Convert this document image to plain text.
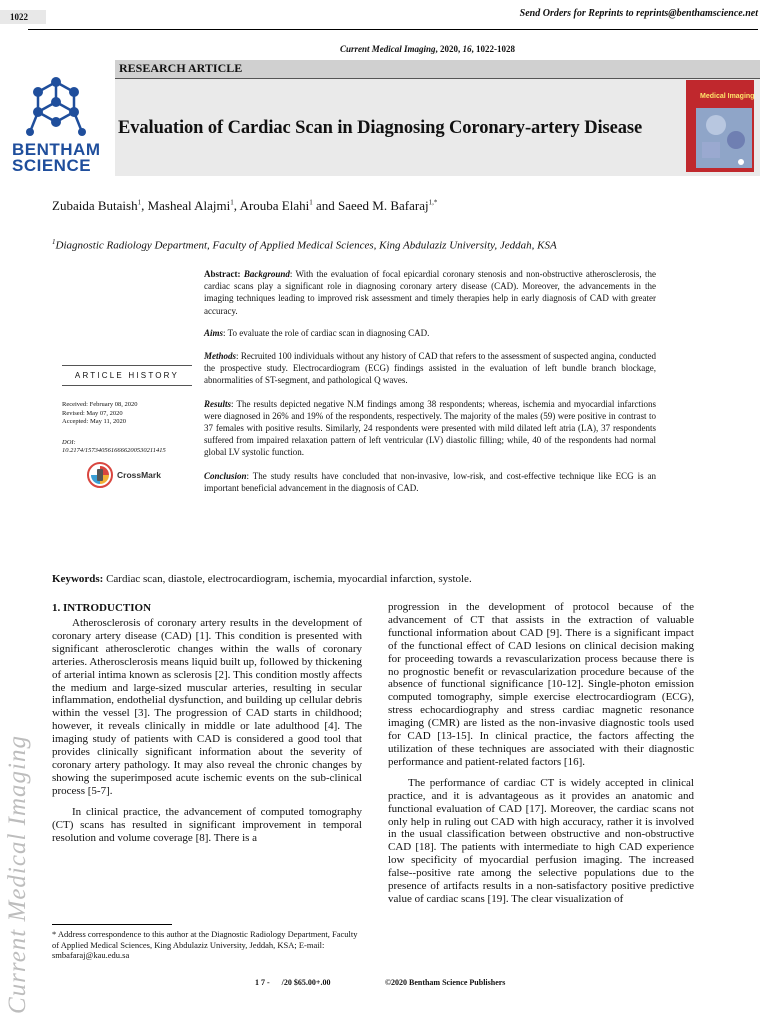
1022	Send Orders for Reprints to reprints@benthamscience.net
Current Medical Imaging, 2020, 16, 1022-1028
RESEARCH ARTICLE
Evaluation of Cardiac Scan in Diagnosing Coronary-artery Disease
BENTHAM
SCIENCE
Medical Imaging
Zubaida Butaish$^1$, Masheal Alajmi$^1$, Arouba Elahi$^1$ and Saeed M. Bafaraj$^{1,*}$
$^1$Diagnostic Radiology Department, Faculty of Applied Medical Sciences, King Abdulaziz University, Jeddah, KSA
Abstract: Background: With the evaluation of focal epicardial coronary stenosis and non-obstructive atherosclerosis, the cardiac scans play a significant role in diagnosing coronary artery disease (CAD). Moreover, the advancements in the imaging techniques leading to improved risk assessment and timely therapies help in early diagnosis of CAD with greater accuracy.
Aims: To evaluate the role of cardiac scan in diagnosing CAD.
Methods: Recruited 100 individuals without any history of CAD that refers to the assessment of suspected angina, conducted the prospective study. Electrocardiogram (ECG) findings assisted in the evaluation of left bundle branch blockage, abnormalities of ST-segment, and pathological Q waves.
Results: The results depicted negative N.M findings among 38 respondents; whereas, ischemia and myocardial infarctions were diagnosed in 26% and 19% of the respondents, respectively. The majority of the males (59) were positive in contrast to 37 females with positive results. Similarly, 24 respondents were presented with mild dilated left atria (LA), 37 respondents suffered from impaired relaxation pattern of left ventricular (LV) diastolic filling; while, 40 of the respondents had normal global LV systolic function.
Conclusion: The study results have concluded that non-invasive, low-risk, and cost-effective technique like ECG is an important beneficial advancement in the diagnosis of CAD.
ARTICLE HISTORY
Received: February 08, 2020
Revised: May 07, 2020
Accepted: May 11, 2020
DOI:
10.2174/1573405616666200530211415
CrossMark
Keywords: Cardiac scan, diastole, electrocardiogram, ischemia, myocardial infarction, systole.
Current Medical Imaging
1. INTRODUCTION

Atherosclerosis of coronary artery results in the development of coronary artery disease (CAD) [1]. This condition is presented with significant atherosclerotic changes within the walls of coronary arteries. Atherosclerosis means liquid built up, followed by thickening of arterial intima known as sclerosis [2]. This condition mostly affects the medium and large-sized muscular arteries, resulting in secular inflammation, endothelial dysfunction, and building up cellular debris within the vessel [3]. The progression of CAD starts in childhood; however, it reveals clinically in middle or late adulthood [4]. The imaging study of patients with CAD is considered a good tool that provides clinically significant information about the severity of coronary artery pathology. It may also reveal the chronic changes by showing the superimposed acute ischemic events on the sub-clinical process [5-7].

In clinical practice, the advancement of computed tomography (CT) scans has resulted in significant improvement in temporal resolution and volume coverage [8]. There is a

progression in the development of protocol because of the advancement of CT that assists in the extraction of valuable functional information about CAD [9]. There is a significant impact of the functional effect of CAD lesions on clinical decision making for proceeding towards a revascularization process because there is no prognostic benefit or revascularization procedure because of the absence of functional significance [10-12]. Single-photon emission computed tomography, simple exercise electrocardiogram (ECG), stress echocardiography and stress cardiac magnetic resonance imaging (CMR) are listed as the non-invasive diagnostic tools used for CAD [13-15]. In clinical practice, the factors affecting the utilization of these techniques are associated with their diagnostic performance and patient-related factors [16].

The performance of cardiac CT is widely accepted in clinical practice, and it is advantageous as it provides an anatomic and functional evaluation of CAD [17]. Moreover, the cardiac scans not only help in ruling out CAD with high accuracy, rather it is involved in the usual classification between obstructive and non-obstructive CAD [18]. The patients with intermediate to high CAD experience low specificity of myocardial perfusion imaging. The increased false--positive rate among the selective populations due to the presence of artifacts results in a non-satisfactory positive predictive value of cardiac scans [19]. The clear visualization of

* Address correspondence to this author at the Diagnostic Radiology Department, Faculty of Applied Medical Sciences, King Abdulaziz University, Jeddah, KSA; E-mail: smbafaraj@kau.edu.sa
1 7 -      /20 $65.00+.00	©2020 Bentham Science Publishers
